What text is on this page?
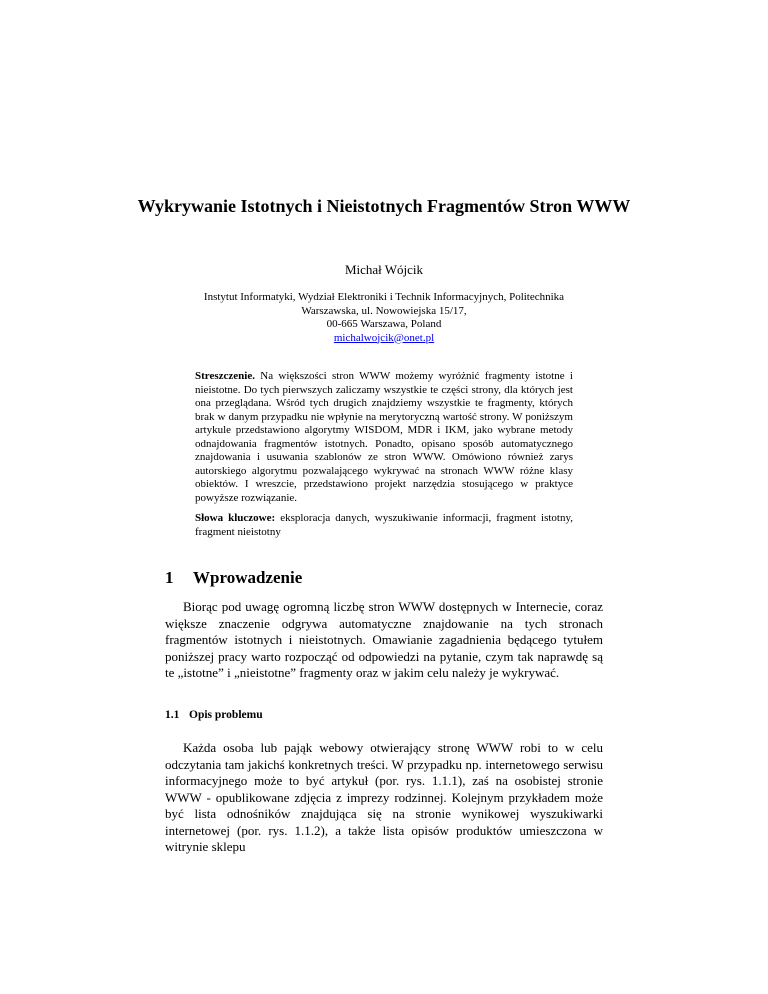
Wykrywanie Istotnych i Nieistotnych Fragmentów Stron WWW
Michał Wójcik
Instytut Informatyki, Wydział Elektroniki i Technik Informacyjnych, Politechnika
Warszawska, ul. Nowowiejska 15/17,
00-665 Warszawa, Poland
michalwojcik@onet.pl

Streszczenie. Na większości stron WWW możemy wyróżnić fragmenty istotne i nieistotne. Do tych pierwszych zaliczamy wszystkie te części strony, dla których jest ona przeglądana. Wśród tych drugich znajdziemy wszystkie te fragmenty, których brak w danym przypadku nie wpłynie na merytoryczną wartość strony. W poniższym artykule przedstawiono algorytmy WISDOM, MDR i IKM, jako wybrane metody odnajdowania fragmentów istotnych. Ponadto, opisano sposób automatycznego znajdowania i usuwania szablonów ze stron WWW. Omówiono również zarys autorskiego algorytmu pozwalającego wykrywać na stronach WWW różne klasy obiektów. I wreszcie, przedstawiono projekt narzędzia stosującego w praktyce powyższe rozwiązanie.

Słowa kluczowe: eksploracja danych, wyszukiwanie informacji, fragment istotny, fragment nieistotny

1 Wprowadzenie

Biorąc pod uwagę ogromną liczbę stron WWW dostępnych w Internecie, coraz większe znaczenie odgrywa automatyczne znajdowanie na tych stronach fragmentów istotnych i nieistotnych. Omawianie zagadnienia będącego tytułem poniższej pracy warto rozpocząć od odpowiedzi na pytanie, czym tak naprawdę są te „istotne” i „nieistotne” fragmenty oraz w jakim celu należy je wykrywać.

1.1 Opis problemu

Każda osoba lub pająk webowy otwierający stronę WWW robi to w celu odczytania tam jakichś konkretnych treści. W przypadku np. internetowego serwisu informacyjnego może to być artykuł (por. rys. 1.1.1), zaś na osobistej stronie WWW - opublikowane zdjęcia z imprezy rodzinnej. Kolejnym przykładem może być lista odnośników znajdująca się na stronie wynikowej wyszukiwarki internetowej (por. rys. 1.1.2), a także lista opisów produktów umieszczona w witrynie sklepu
